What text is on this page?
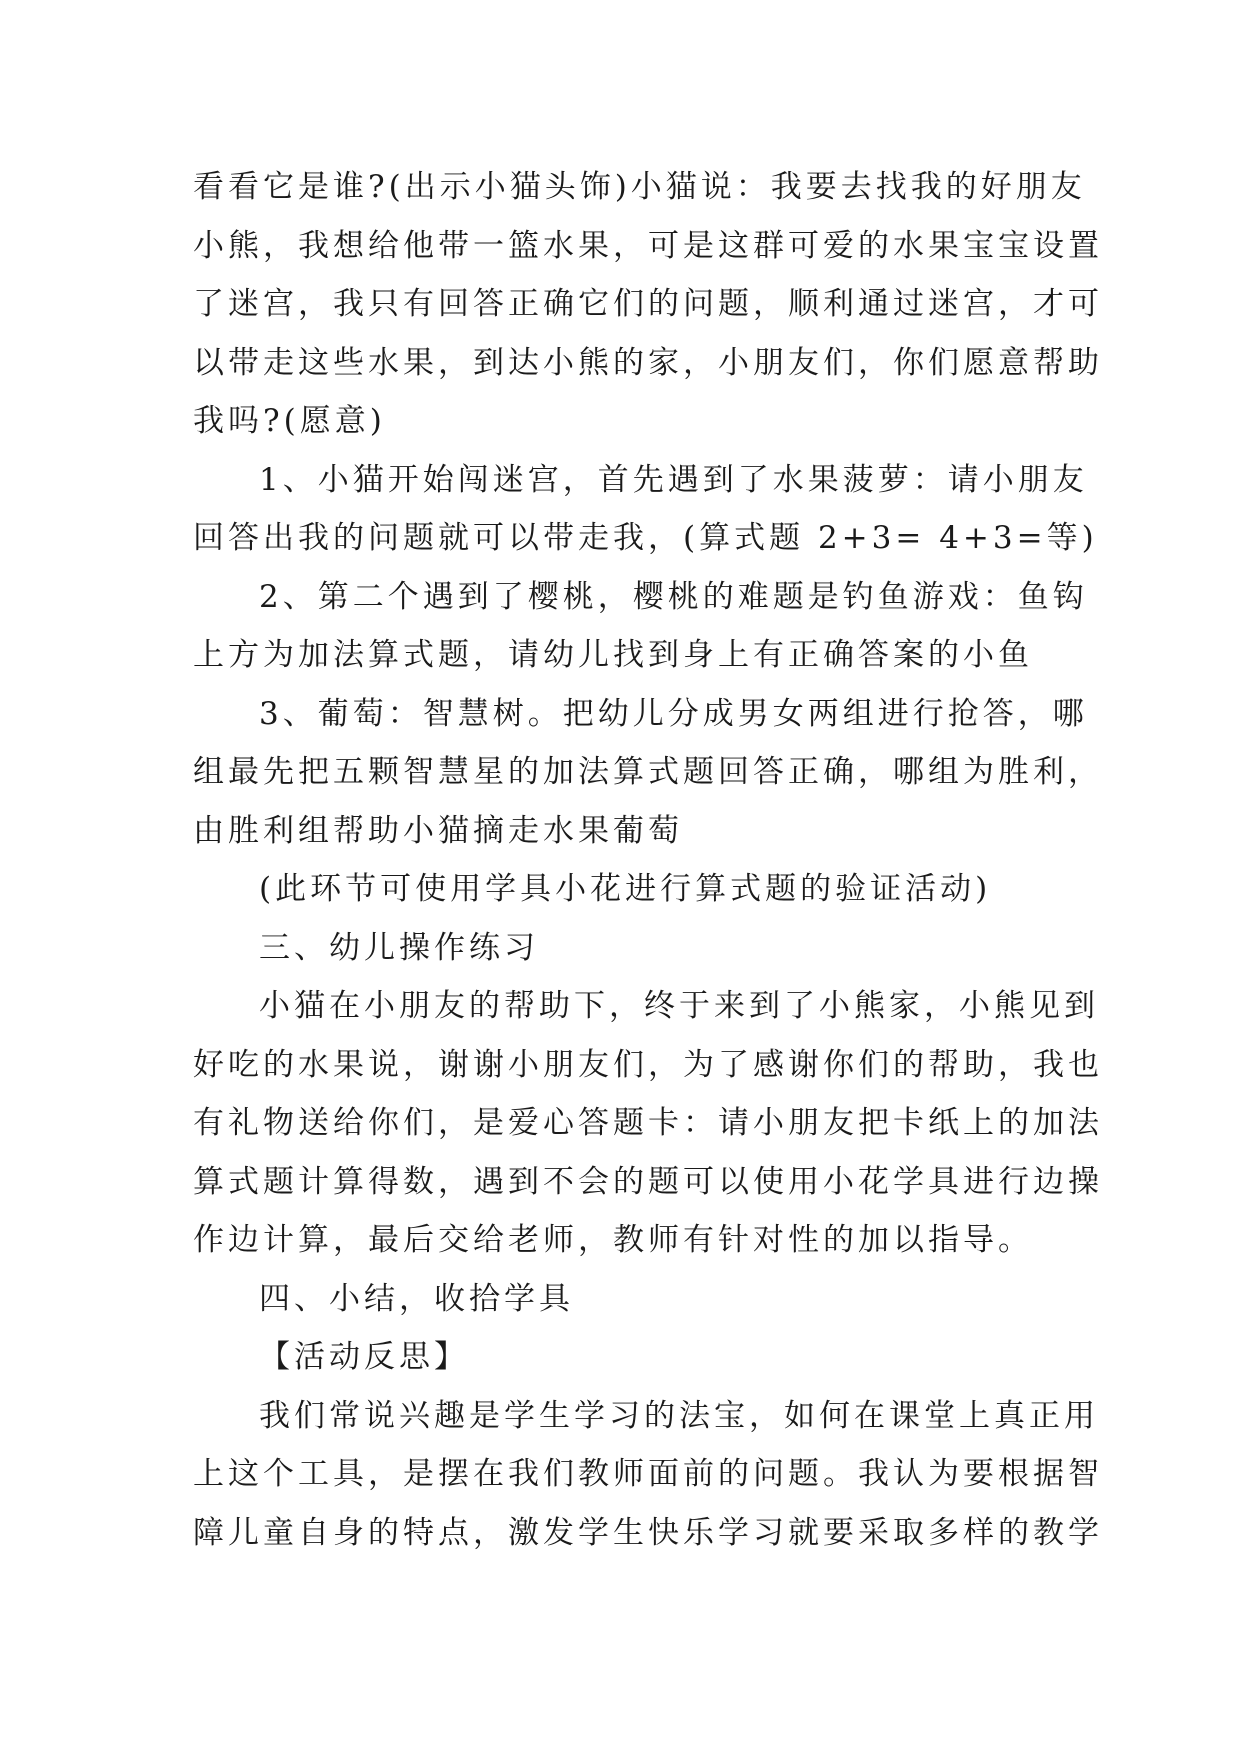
看看它是谁?(出示小猫头饰)小猫说：我要去找我的好朋友
小熊，我想给他带一篮水果，可是这群可爱的水果宝宝设置
了迷宫，我只有回答正确它们的问题，顺利通过迷宫，才可
以带走这些水果，到达小熊的家，小朋友们，你们愿意帮助
我吗?(愿意)

1、小猫开始闯迷宫，首先遇到了水果菠萝：请小朋友
回答出我的问题就可以带走我，(算式题 2+3= 4+3=等)

2、第二个遇到了樱桃，樱桃的难题是钓鱼游戏：鱼钩
上方为加法算式题，请幼儿找到身上有正确答案的小鱼

3、葡萄：智慧树。把幼儿分成男女两组进行抢答，哪
组最先把五颗智慧星的加法算式题回答正确，哪组为胜利，
由胜利组帮助小猫摘走水果葡萄

(此环节可使用学具小花进行算式题的验证活动)

三、幼儿操作练习

小猫在小朋友的帮助下，终于来到了小熊家，小熊见到
好吃的水果说，谢谢小朋友们，为了感谢你们的帮助，我也
有礼物送给你们，是爱心答题卡：请小朋友把卡纸上的加法
算式题计算得数，遇到不会的题可以使用小花学具进行边操
作边计算，最后交给老师，教师有针对性的加以指导。

四、小结，收拾学具

【活动反思】

我们常说兴趣是学生学习的法宝，如何在课堂上真正用
上这个工具，是摆在我们教师面前的问题。我认为要根据智
障儿童自身的特点，激发学生快乐学习就要采取多样的教学
